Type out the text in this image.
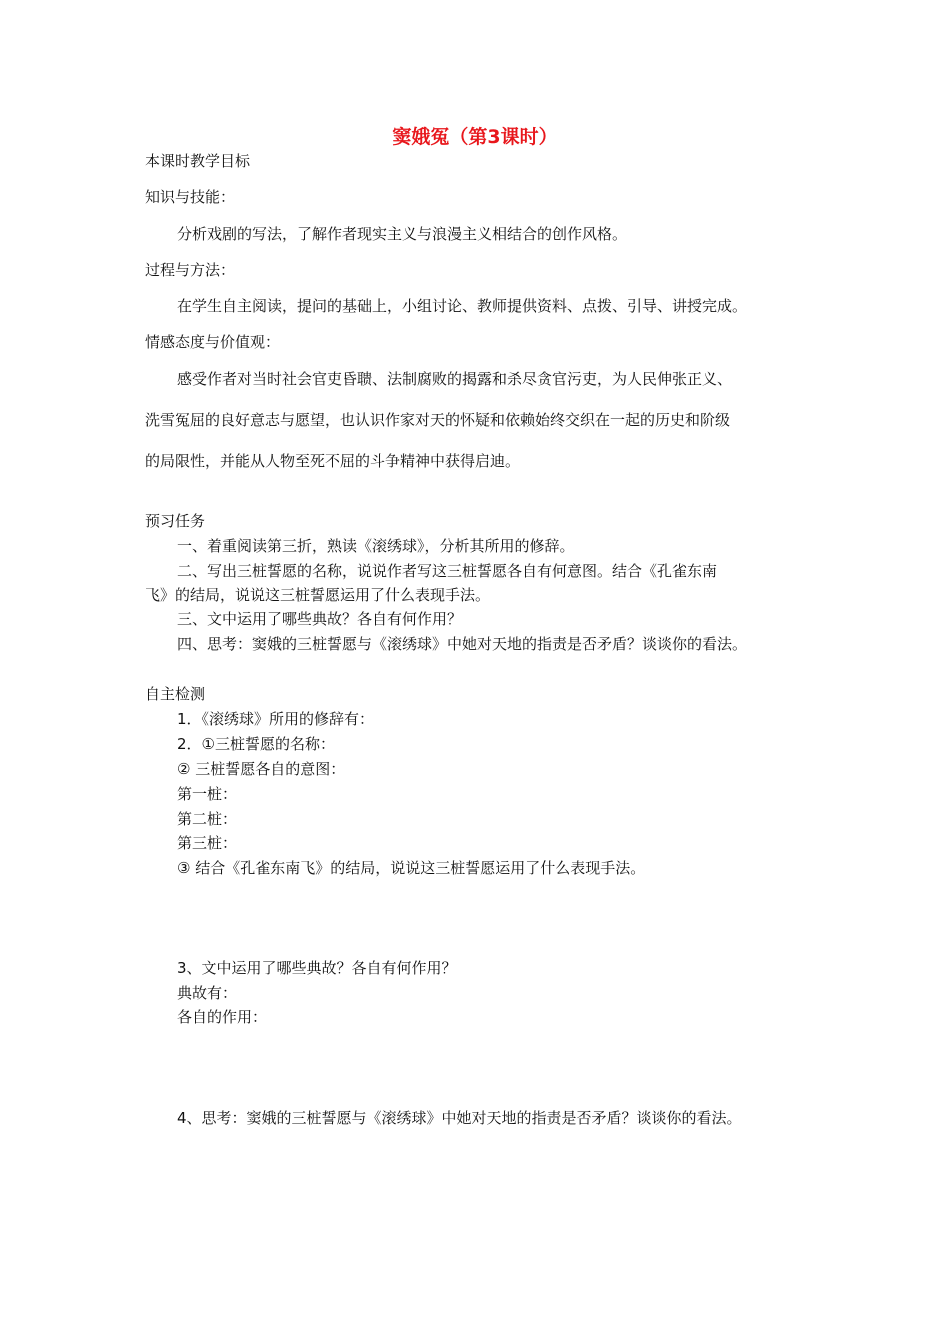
窦娥冤（第3课时）
本课时教学目标
知识与技能：
分析戏剧的写法，了解作者现实主义与浪漫主义相结合的创作风格。
过程与方法：
在学生自主阅读，提问的基础上，小组讨论、教师提供资料、点拨、引导、讲授完成。
情感态度与价值观：
感受作者对当时社会官吏昏聩、法制腐败的揭露和杀尽贪官污吏，为人民伸张正义、
洗雪冤屈的良好意志与愿望，也认识作家对天的怀疑和依赖始终交织在一起的历史和阶级
的局限性，并能从人物至死不屈的斗争精神中获得启迪。
预习任务
一、着重阅读第三折，熟读《滚绣球》，分析其所用的修辞。
二、写出三桩誓愿的名称，说说作者写这三桩誓愿各自有何意图。结合《孔雀东南
飞》的结局，说说这三桩誓愿运用了什么表现手法。
三、文中运用了哪些典故？各自有何作用？
四、思考：窦娥的三桩誓愿与《滚绣球》中她对天地的指责是否矛盾？谈谈你的看法。
自主检测
1．《滚绣球》所用的修辞有：
2．①三桩誓愿的名称：
② 三桩誓愿各自的意图：
第一桩：
第二桩：
第三桩：
③ 结合《孔雀东南飞》的结局，说说这三桩誓愿运用了什么表现手法。
3、文中运用了哪些典故？各自有何作用？
典故有：
各自的作用：
4、思考：窦娥的三桩誓愿与《滚绣球》中她对天地的指责是否矛盾？谈谈你的看法。
